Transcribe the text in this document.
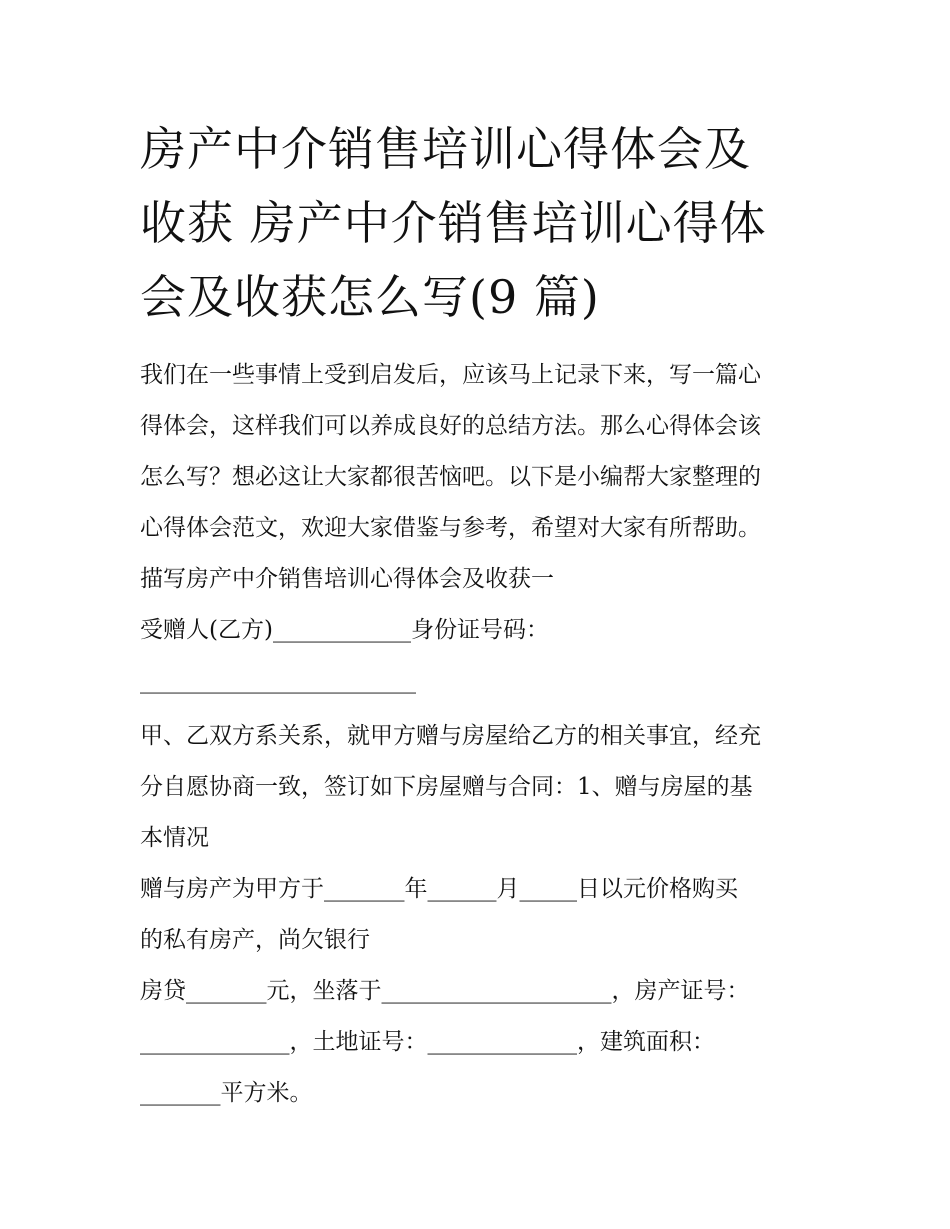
房产中介销售培训心得体会及
收获 房产中介销售培训心得体
会及收获怎么写(9 篇)
我们在一些事情上受到启发后，应该马上记录下来，写一篇心
得体会，这样我们可以养成良好的总结方法。那么心得体会该
怎么写？想必这让大家都很苦恼吧。以下是小编帮大家整理的
心得体会范文，欢迎大家借鉴与参考，希望对大家有所帮助。
描写房产中介销售培训心得体会及收获一
受赠人(乙方)____________身份证号码：
________________________
甲、乙双方系关系，就甲方赠与房屋给乙方的相关事宜，经充
分自愿协商一致，签订如下房屋赠与合同：1、赠与房屋的基
本情况
赠与房产为甲方于_______年______月_____日以元价格购买
的私有房产，尚欠银行
房贷_______元，坐落于____________________，房产证号：
_____________，土地证号：_____________，建筑面积：
_______平方米。
